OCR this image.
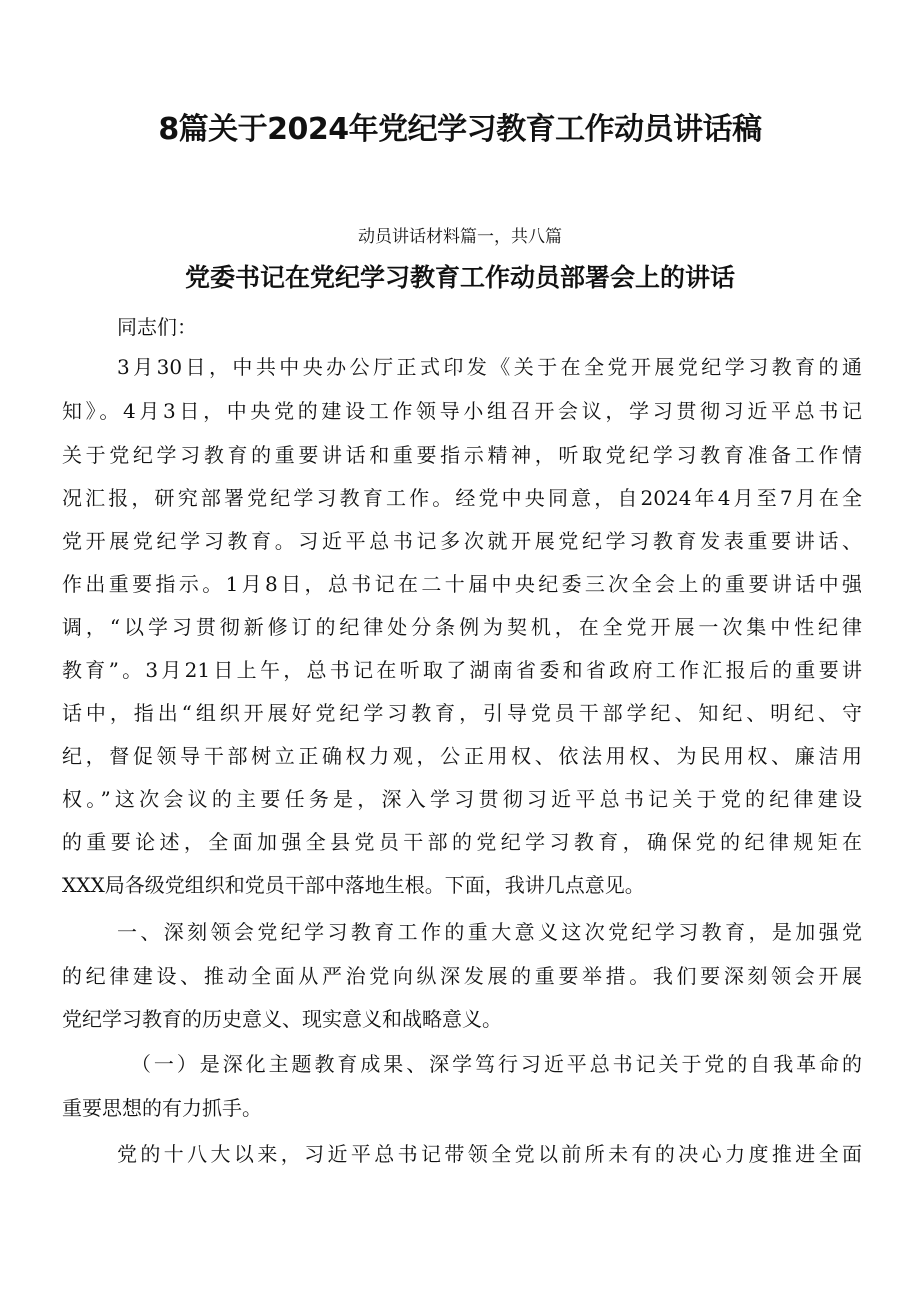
8篇关于2024年党纪学习教育工作动员讲话稿

动员讲话材料篇一，共八篇

党委书记在党纪学习教育工作动员部署会上的讲话

同志们：

3月30日，中共中央办公厅正式印发《关于在全党开展党纪学习教育的通

知》。4月3日，中央党的建设工作领导小组召开会议，学习贯彻习近平总书记

关于党纪学习教育的重要讲话和重要指示精神，听取党纪学习教育准备工作情

况汇报，研究部署党纪学习教育工作。经党中央同意，自2024年4月至7月在全

党开展党纪学习教育。习近平总书记多次就开展党纪学习教育发表重要讲话、

作出重要指示。1月8日，总书记在二十届中央纪委三次全会上的重要讲话中强

调，“以学习贯彻新修订的纪律处分条例为契机，在全党开展一次集中性纪律

教育”。3月21日上午，总书记在听取了湖南省委和省政府工作汇报后的重要讲

话中，指出“组织开展好党纪学习教育，引导党员干部学纪、知纪、明纪、守

纪，督促领导干部树立正确权力观，公正用权、依法用权、为民用权、廉洁用

权。”这次会议的主要任务是，深入学习贯彻习近平总书记关于党的纪律建设

的重要论述，全面加强全县党员干部的党纪学习教育，确保党的纪律规矩在

XXX局各级党组织和党员干部中落地生根。下面，我讲几点意见。

一、深刻领会党纪学习教育工作的重大意义这次党纪学习教育，是加强党

的纪律建设、推动全面从严治党向纵深发展的重要举措。我们要深刻领会开展

党纪学习教育的历史意义、现实意义和战略意义。

（一）是深化主题教育成果、深学笃行习近平总书记关于党的自我革命的

重要思想的有力抓手。

党的十八大以来，习近平总书记带领全党以前所未有的决心力度推进全面
